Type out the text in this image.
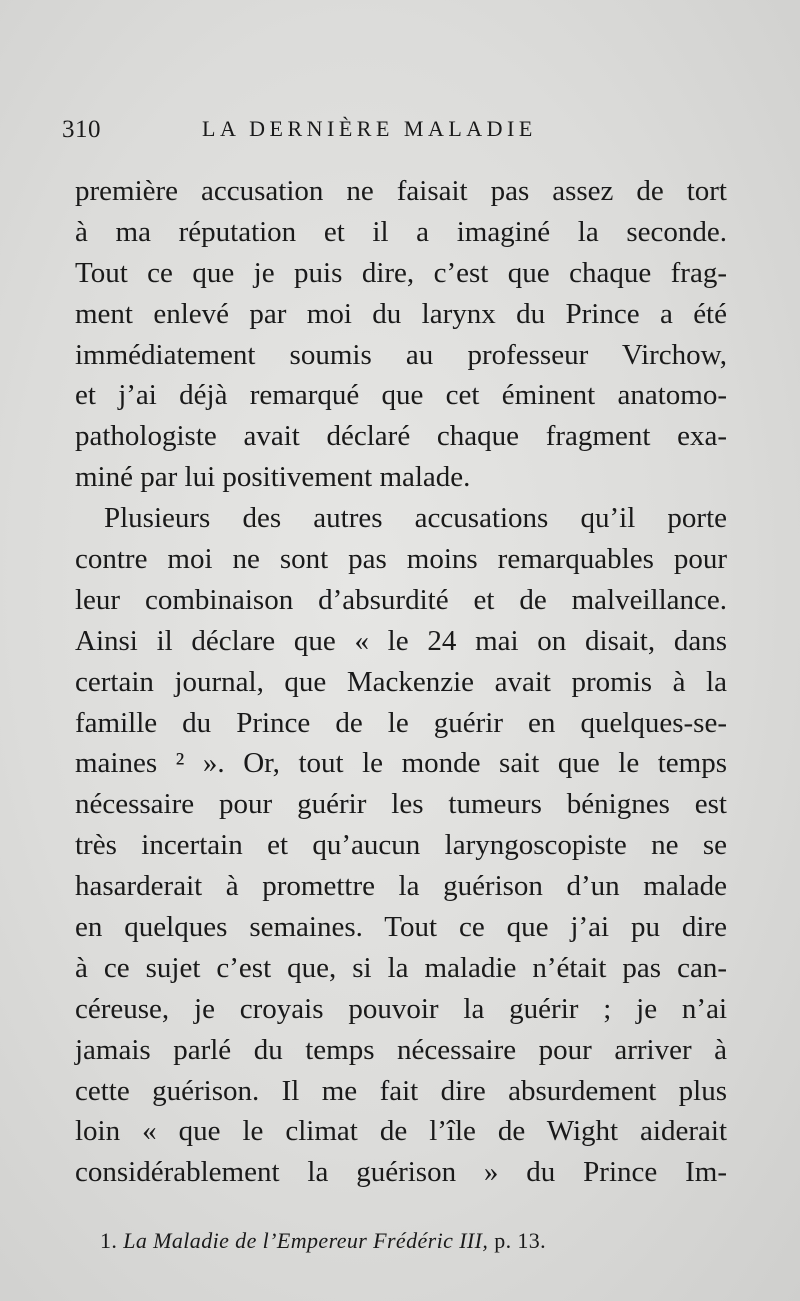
310	LA DERNIÈRE MALADIE
première accusation ne faisait pas assez de tort
à ma réputation et il a imaginé la seconde.
Tout ce que je puis dire, c’est que chaque frag-
ment enlevé par moi du larynx du Prince a été
immédiatement soumis au professeur Virchow,
et j’ai déjà remarqué que cet éminent anatomo-
pathologiste avait déclaré chaque fragment exa-
miné par lui positivement malade.
Plusieurs des autres accusations qu’il porte
contre moi ne sont pas moins remarquables pour
leur combinaison d’absurdité et de malveillance.
Ainsi il déclare que « le 24 mai on disait, dans
certain journal, que Mackenzie avait promis à la
famille du Prince de le guérir en quelques-se-
maines ² ». Or, tout le monde sait que le temps
nécessaire pour guérir les tumeurs bénignes est
très incertain et qu’aucun laryngoscopiste ne se
hasarderait à promettre la guérison d’un malade
en quelques semaines. Tout ce que j’ai pu dire
à ce sujet c’est que, si la maladie n’était pas can-
céreuse, je croyais pouvoir la guérir ; je n’ai
jamais parlé du temps nécessaire pour arriver à
cette guérison. Il me fait dire absurdement plus
loin « que le climat de l’île de Wight aiderait
considérablement la guérison » du Prince Im-
1. La Maladie de l’Empereur Frédéric III, p. 13.
